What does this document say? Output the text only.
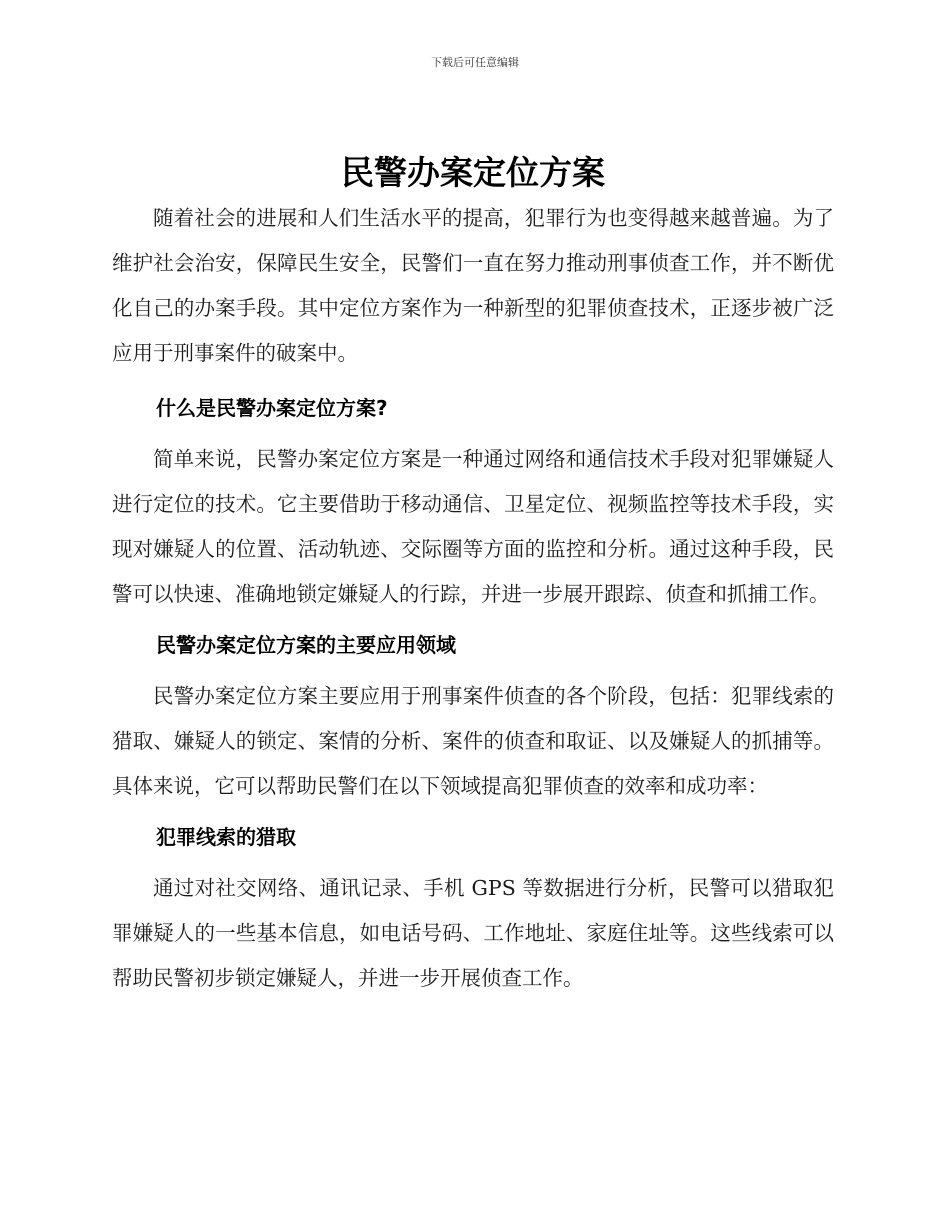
下载后可任意编辑
民警办案定位方案

随着社会的进展和人们生活水平的提高，犯罪行为也变得越来越普遍。为了维护社会治安，保障民生安全，民警们一直在努力推动刑事侦查工作，并不断优化自己的办案手段。其中定位方案作为一种新型的犯罪侦查技术，正逐步被广泛应用于刑事案件的破案中。

什么是民警办案定位方案?

简单来说，民警办案定位方案是一种通过网络和通信技术手段对犯罪嫌疑人进行定位的技术。它主要借助于移动通信、卫星定位、视频监控等技术手段，实现对嫌疑人的位置、活动轨迹、交际圈等方面的监控和分析。通过这种手段，民警可以快速、准确地锁定嫌疑人的行踪，并进一步展开跟踪、侦查和抓捕工作。

民警办案定位方案的主要应用领域

民警办案定位方案主要应用于刑事案件侦查的各个阶段，包括：犯罪线索的猎取、嫌疑人的锁定、案情的分析、案件的侦查和取证、以及嫌疑人的抓捕等。具体来说，它可以帮助民警们在以下领域提高犯罪侦查的效率和成功率：

犯罪线索的猎取

通过对社交网络、通讯记录、手机 GPS 等数据进行分析，民警可以猎取犯罪嫌疑人的一些基本信息，如电话号码、工作地址、家庭住址等。这些线索可以帮助民警初步锁定嫌疑人，并进一步开展侦查工作。
